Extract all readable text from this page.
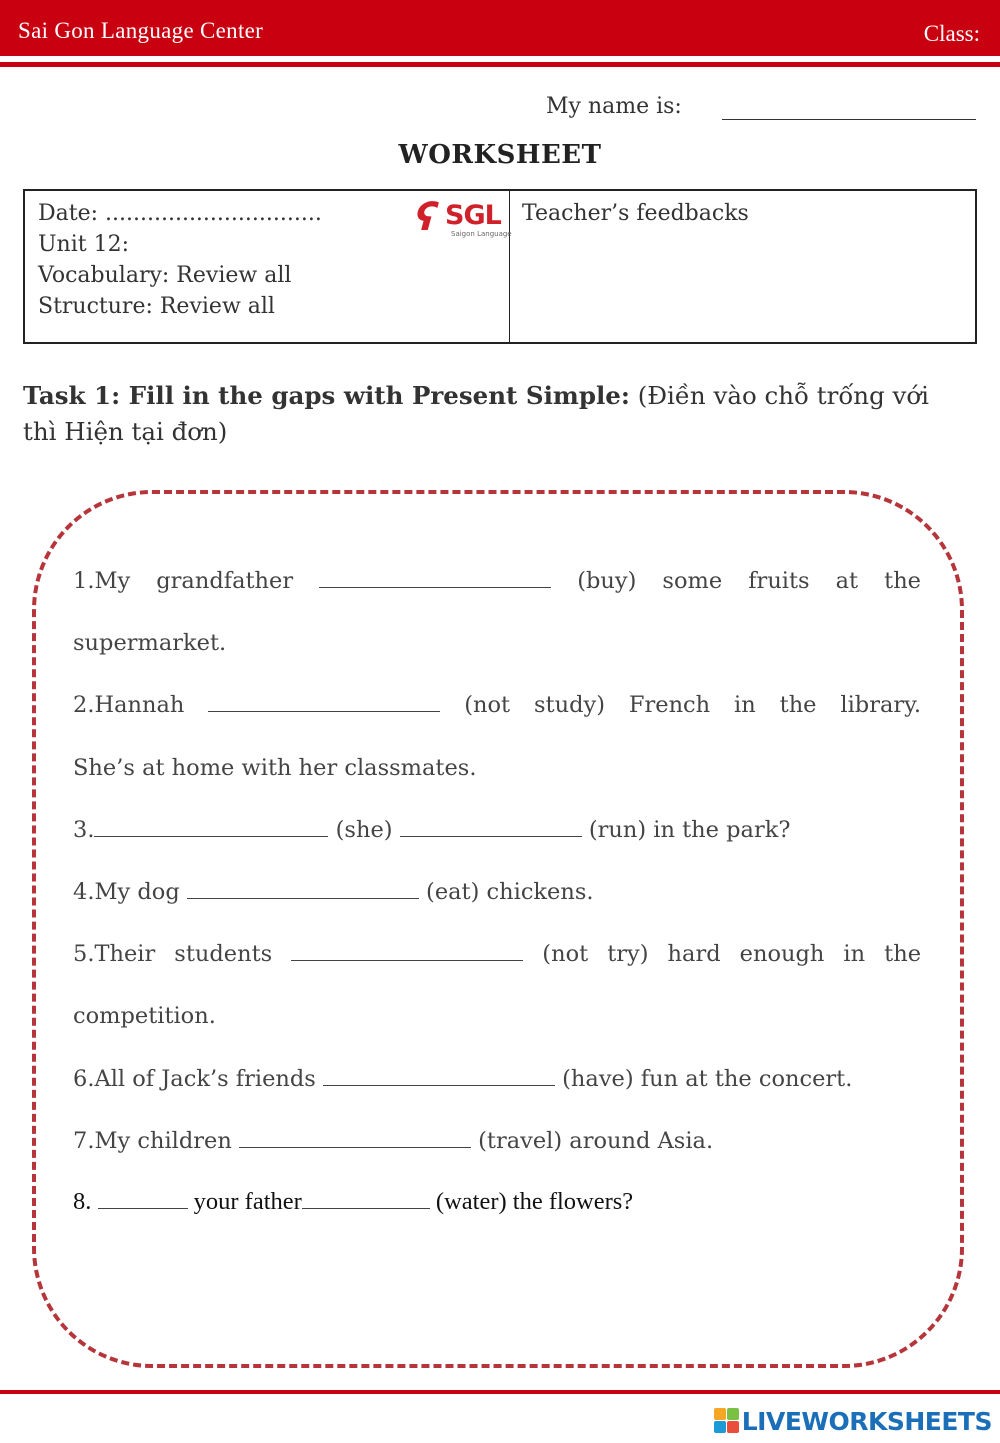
Sai Gon Language Center	Class:
My name is:
WORKSHEET
Date: ...............................
Unit 12:
Vocabulary: Review all
Structure: Review all
ʕ SGL
Saigon Language
Teacher’s feedbacks
Task 1: Fill in the gaps with Present Simple: (Điền vào chỗ trống với thì Hiện tại đơn)
1.My grandfather	(buy) some fruits at the
supermarket.
2.Hannah	(not study) French in the library.
She’s at home with her classmates.
3.	(she)	(run) in the park?
4.My dog	(eat) chickens.
5.Their students	(not try) hard enough in the
competition.
6.All of Jack’s friends	(have) fun at the concert.
7.My children	(travel) around Asia.
8.	your father	(water) the flowers?
LIVEWORKSHEETS
